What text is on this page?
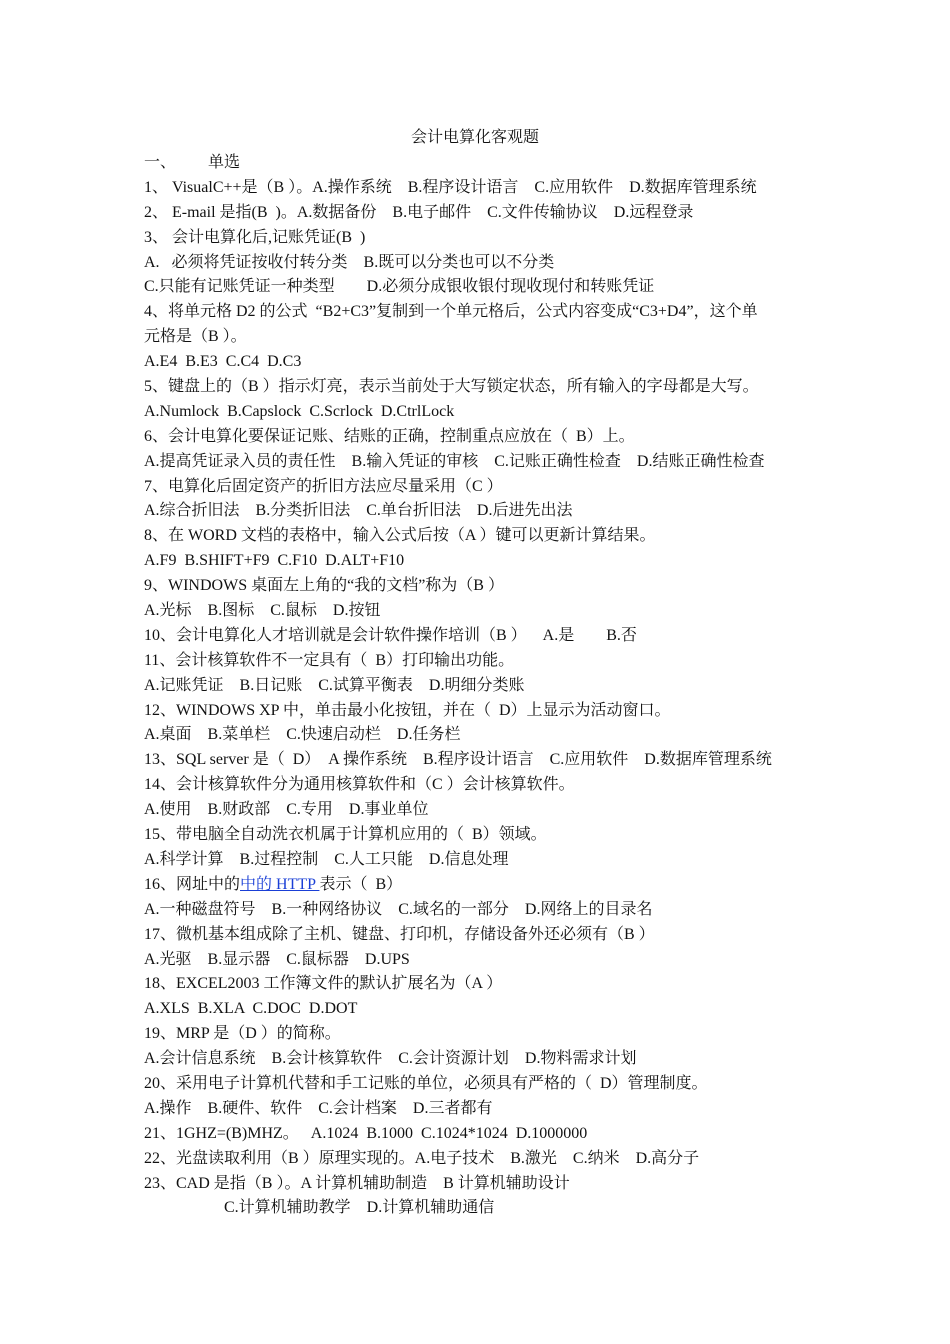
会计电算化客观题
一、        单选
1、 VisualC++是（B ）。A.操作系统    B.程序设计语言    C.应用软件    D.数据库管理系统
2、 E-mail 是指(B  )。A.数据备份    B.电子邮件    C.文件传输协议    D.远程登录
3、 会计电算化后,记账凭证(B  )
A.   必须将凭证按收付转分类    B.既可以分类也可以不分类
C.只能有记账凭证一种类型        D.必须分成银收银付现收现付和转账凭证
4、将单元格 D2 的公式  “B2+C3”复制到一个单元格后，公式内容变成“C3+D4”，这个单
元格是（B ）。
A.E4  B.E3  C.C4  D.C3
5、键盘上的（B ）指示灯亮，表示当前处于大写锁定状态，所有输入的字母都是大写。
A.Numlock  B.Capslock  C.Scrlock  D.CtrlLock
6、会计电算化要保证记账、结账的正确，控制重点应放在（  B）上。
A.提高凭证录入员的责任性    B.输入凭证的审核    C.记账正确性检查    D.结账正确性检查
7、电算化后固定资产的折旧方法应尽量采用（C ）
A.综合折旧法    B.分类折旧法    C.单台折旧法    D.后进先出法
8、在 WORD 文档的表格中，输入公式后按（A ）键可以更新计算结果。
A.F9  B.SHIFT+F9  C.F10  D.ALT+F10
9、WINDOWS 桌面左上角的“我的文档”称为（B ）
A.光标    B.图标    C.鼠标    D.按钮
10、会计电算化人才培训就是会计软件操作培训（B ）    A.是        B.否
11、会计核算软件不一定具有（  B）打印输出功能。
A.记账凭证    B.日记账    C.试算平衡表    D.明细分类账
12、WINDOWS XP 中，单击最小化按钮，并在（  D）上显示为活动窗口。
A.桌面    B.菜单栏    C.快速启动栏    D.任务栏
13、SQL server 是（  D）  A 操作系统    B.程序设计语言    C.应用软件    D.数据库管理系统
14、会计核算软件分为通用核算软件和（C ）会计核算软件。
A.使用    B.财政部    C.专用    D.事业单位
15、带电脑全自动洗衣机属于计算机应用的（  B）领域。
A.科学计算    B.过程控制    C.人工只能    D.信息处理
16、网址中的中的 HTTP 表示（  B）
A.一种磁盘符号    B.一种网络协议    C.域名的一部分    D.网络上的目录名
17、微机基本组成除了主机、键盘、打印机，存储设备外还必须有（B ）
A.光驱    B.显示器    C.鼠标器    D.UPS
18、EXCEL2003 工作簿文件的默认扩展名为（A ）
A.XLS  B.XLA  C.DOC  D.DOT
19、MRP 是（D ）的简称。
A.会计信息系统    B.会计核算软件    C.会计资源计划    D.物料需求计划
20、采用电子计算机代替和手工记账的单位，必须具有严格的（  D）管理制度。
A.操作    B.硬件、软件    C.会计档案    D.三者都有
21、1GHZ=(B)MHZ。   A.1024  B.1000  C.1024*1024  D.1000000
22、光盘读取利用（B ）原理实现的。A.电子技术    B.激光    C.纳米    D.高分子
23、CAD 是指（B ）。A 计算机辅助制造    B 计算机辅助设计
C.计算机辅助教学    D.计算机辅助通信
